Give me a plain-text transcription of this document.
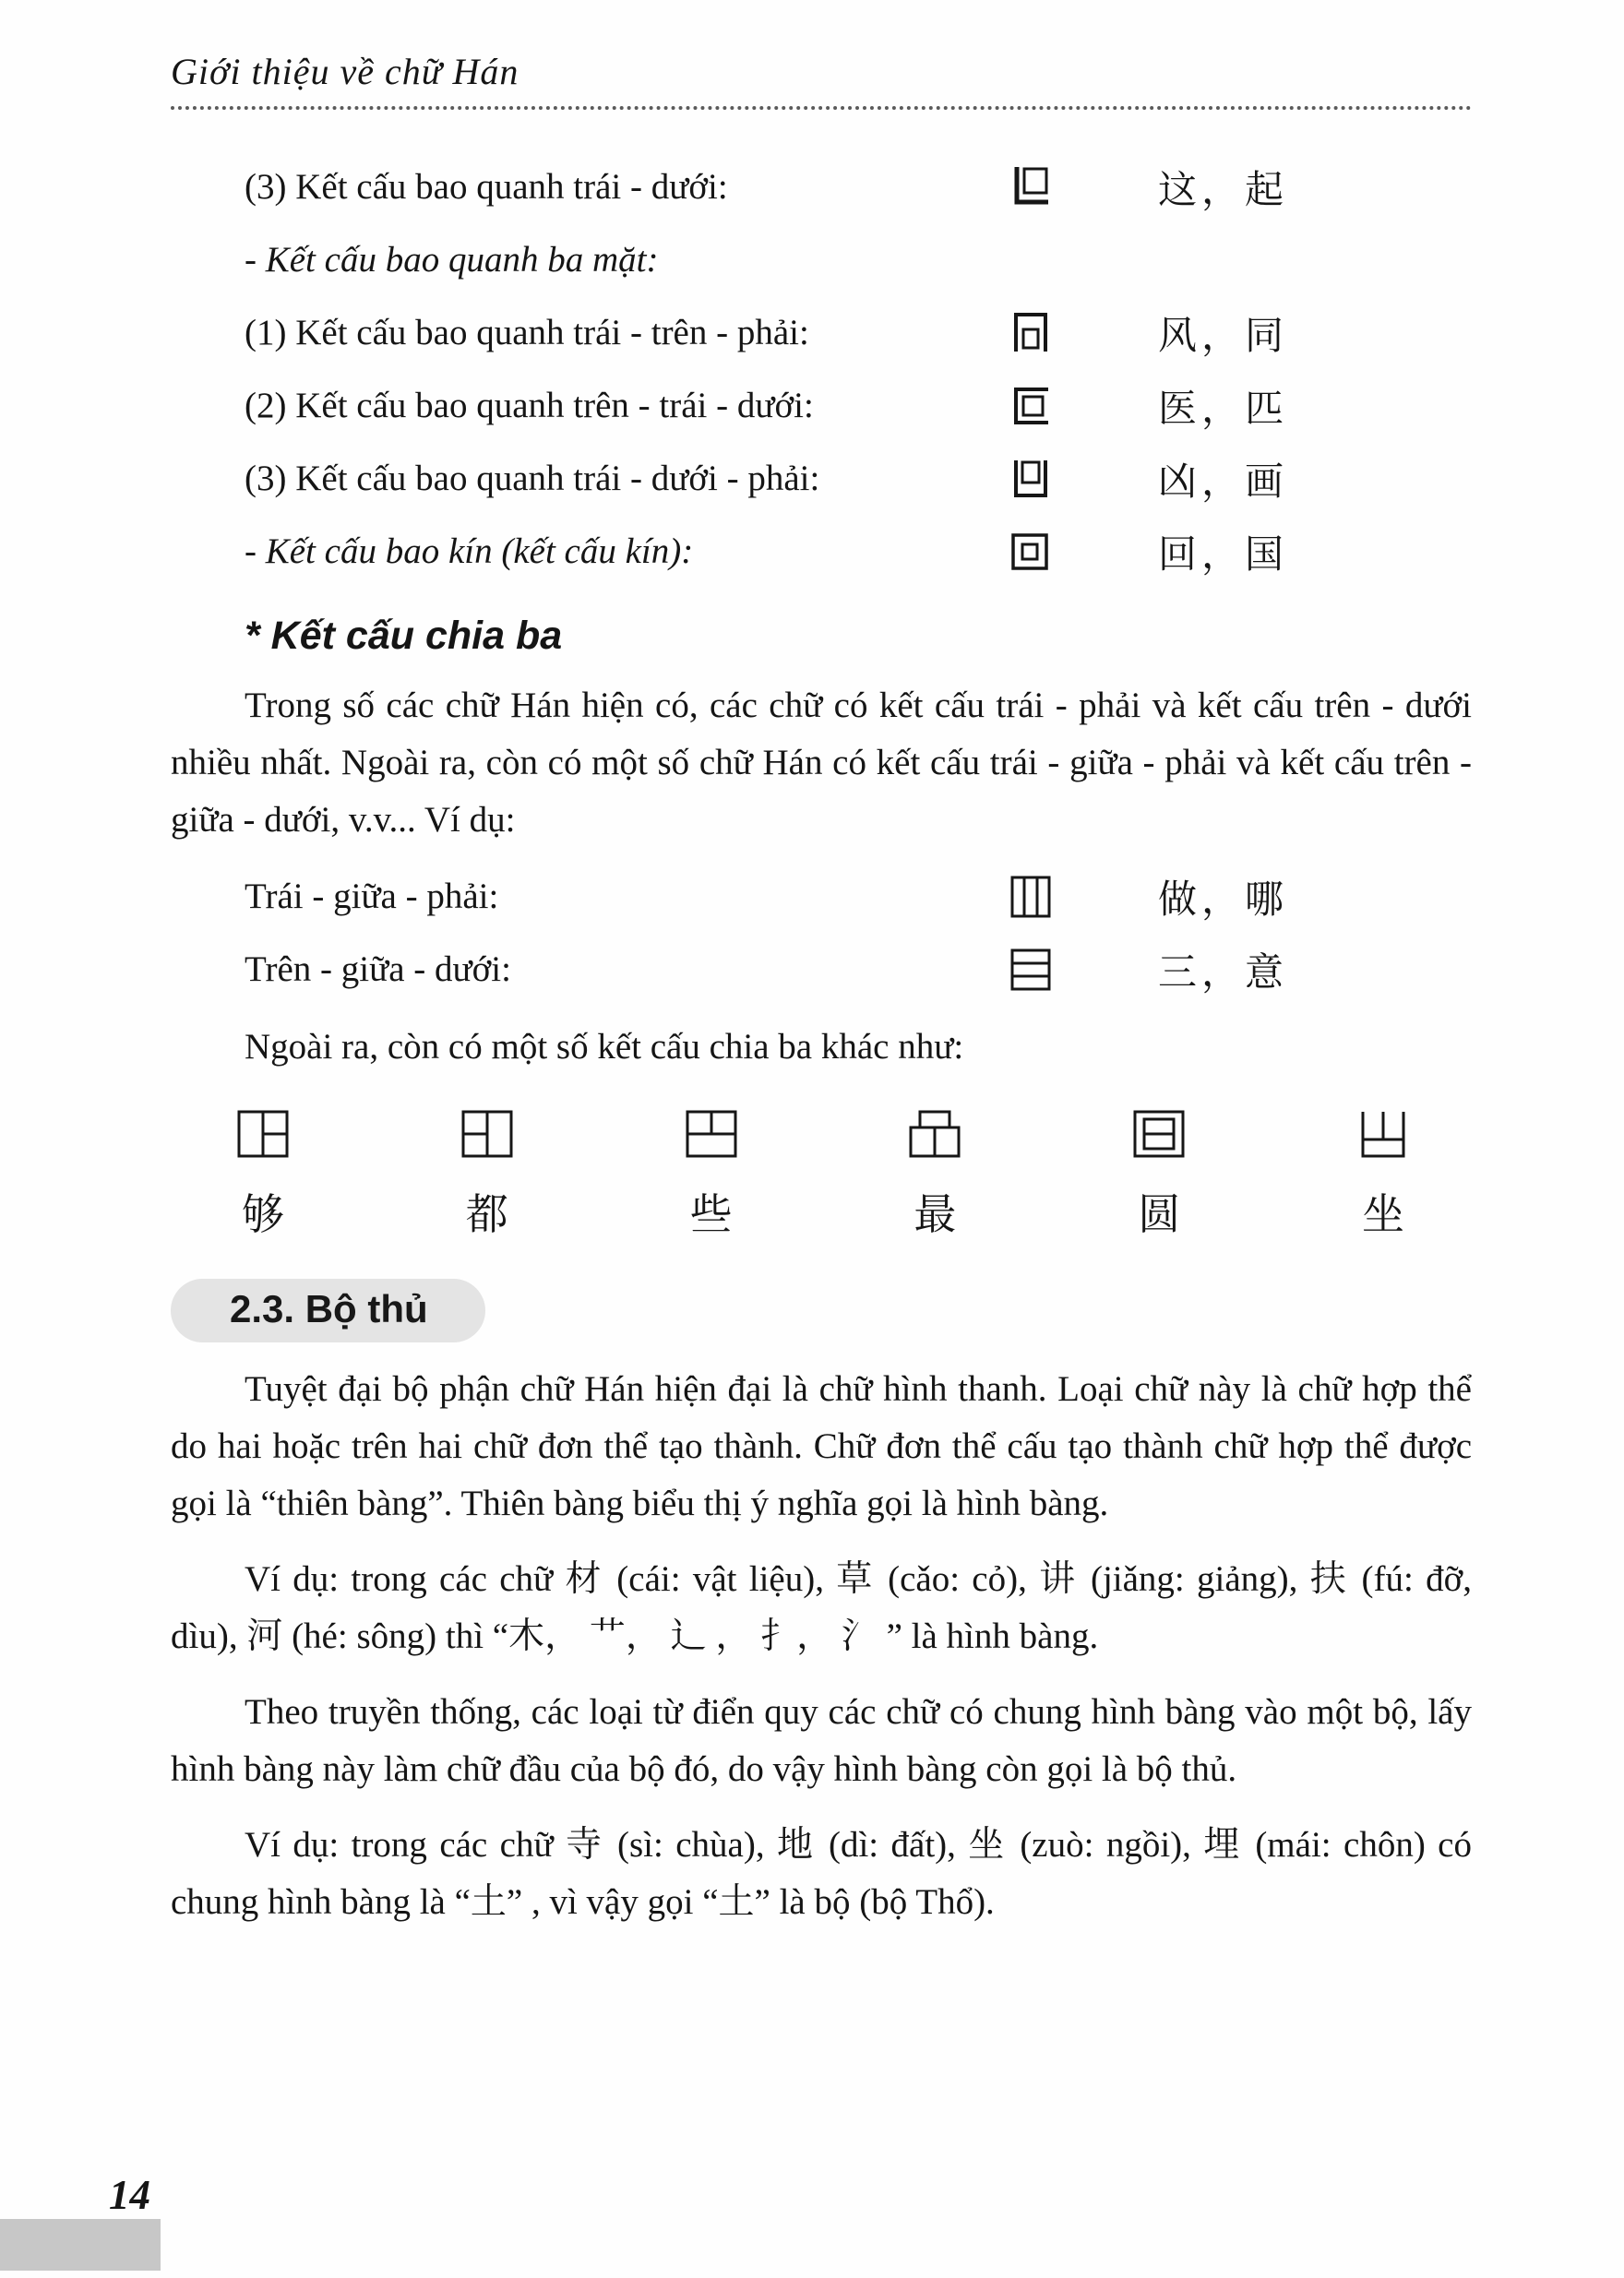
Giới thiệu về chữ Hán
(3) Kết cấu bao quanh trái - dưới:	这，起
- Kết cấu bao quanh ba mặt:
(1) Kết cấu bao quanh trái - trên - phải:	风，同
(2) Kết cấu bao quanh trên - trái - dưới:	医，匹
(3) Kết cấu bao quanh trái - dưới - phải:	凶，画
- Kết cấu bao kín (kết cấu kín):	回，国
* Kết cấu chia ba

Trong số các chữ Hán hiện có, các chữ có kết cấu trái - phải và kết cấu trên - dưới nhiều nhất. Ngoài ra, còn có một số chữ Hán có kết cấu trái - giữa - phải và kết cấu trên - giữa - dưới, v.v... Ví dụ:

Trái - giữa - phải:	做，哪
Trên - giữa - dưới:	三，意
Ngoài ra, còn có một số kết cấu chia ba khác như:
够	都	些	最	圆	坐
2.3. Bộ thủ

Tuyệt đại bộ phận chữ Hán hiện đại là chữ hình thanh. Loại chữ này là chữ hợp thể do hai hoặc trên hai chữ đơn thể tạo thành. Chữ đơn thể cấu tạo thành chữ hợp thể được gọi là “thiên bàng”. Thiên bàng biểu thị ý nghĩa gọi là hình bàng.

Ví dụ: trong các chữ 材 (cái: vật liệu), 草 (cǎo: cỏ), 讲 (jiǎng: giảng), 扶 (fú: đỡ, dìu), 河 (hé: sông) thì “木， 艹， 辶 ， 扌， 氵 ” là hình bàng.

Theo truyền thống, các loại từ điển quy các chữ có chung hình bàng vào một bộ, lấy hình bàng này làm chữ đầu của bộ đó, do vậy hình bàng còn gọi là bộ thủ.

Ví dụ: trong các chữ 寺 (sì: chùa), 地 (dì: đất), 坐 (zuò: ngồi), 埋 (mái: chôn) có chung hình bàng là “土” , vì vậy gọi “土” là bộ (bộ Thổ).

14
